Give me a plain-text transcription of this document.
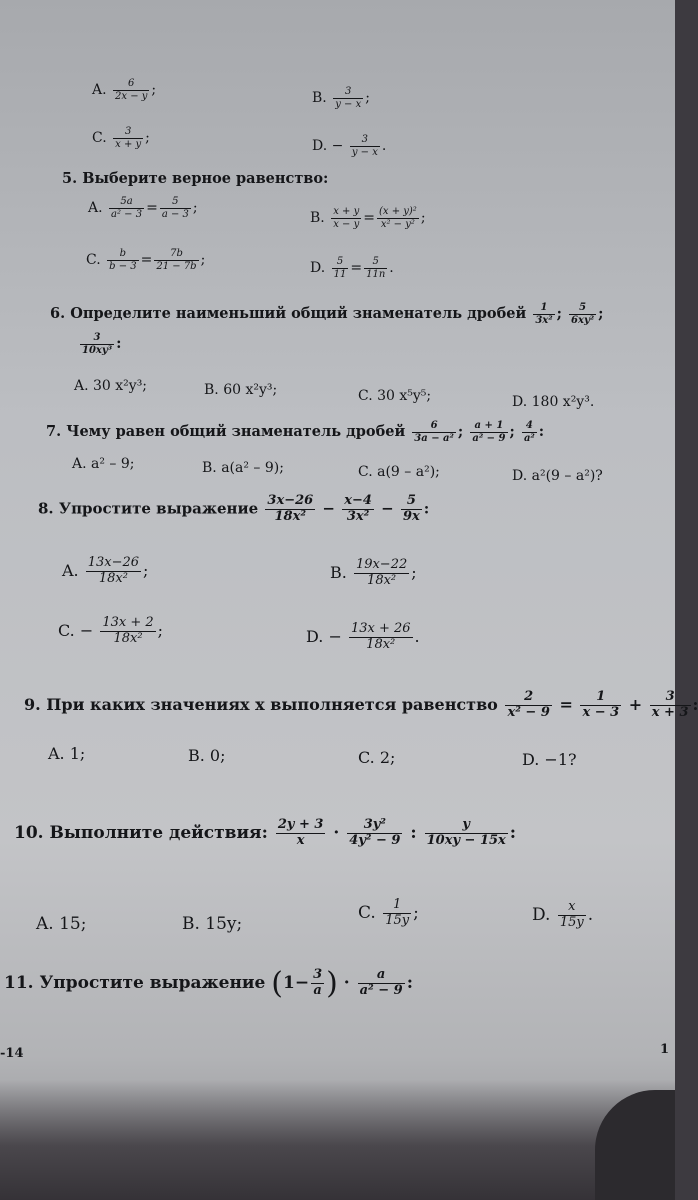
A. $\frac{6}{2x - y}$ ;	B. $\frac{3}{y - x}$ ;
C. $\frac{3}{x + y}$ ;	D. − $\frac{3}{y - x}$ .
5. Выберите верное равенство:
A. $\frac{5a}{\text{a² − 3}} = \frac{5}{a - 3}$ ;
B. $\frac{x + y}{x - y} = \frac{\text{(x + y)²}}{\text{x² − y²}}$ ;
C. $\frac{b}{b - 3} = \frac{7b}{21 - 7b}$ ;	D. $\frac{5}{11} = \frac{5}{11n}$ .
6. Определите наименьший общий знаменатель дробей $\frac{1}{\text{3x²}}$ ; $\frac{5}{\text{6xy²}}$ ;
$\frac{3}{\text{10xy³}}$ :
A. 30 x²y³;	B. 60 x²y³;	C. 30 x⁵y⁵;	D. 180 x²y³.
7. Чему равен общий знаменатель дробей $\frac{6}{\text{3a − a²}}$ ; $\frac{a + 1}{\text{a² − 9}}$ ; $\frac{4}{\text{a²}}$ :
A. a² – 9;	B. a(a² – 9);	C. a(9 – a²);	D. a²(9 – a²)?
8. Упростите выражение $\frac{3x-26}{\text{18x²}} - \frac{x-4}{\text{3x²}} - \frac{5}{9x}$ :
A. $\frac{13x-26}{\text{18x²}}$ ;	B. $\frac{19x-22}{\text{18x²}}$ ;
C. − $\frac{13x + 2}{\text{18x²}}$ ;	D. − $\frac{13x + 26}{\text{18x²}}$ .
9. При каких значениях x выполняется равенство $\frac{2}{\text{x² − 9}} = \frac{1}{x - 3} + \frac{3}{x + 3}$ :
A. 1;	B. 0;	C. 2;	D. −1?
10. Выполните действия: $\frac{2y + 3}{x} \cdot \frac{\text{3y²}}{\text{4y² − 9}}$ : $\frac{y}{10xy - 15x}$ :
A. 15;	B. 15y;
C. $\frac{1}{15y}$ ;	D. $\frac{x}{15y}$ .
11. Упростите выражение ($1- \frac{3}{a}$ ) · $\frac{a}{\text{a² − 9}}$ :
-14	1
